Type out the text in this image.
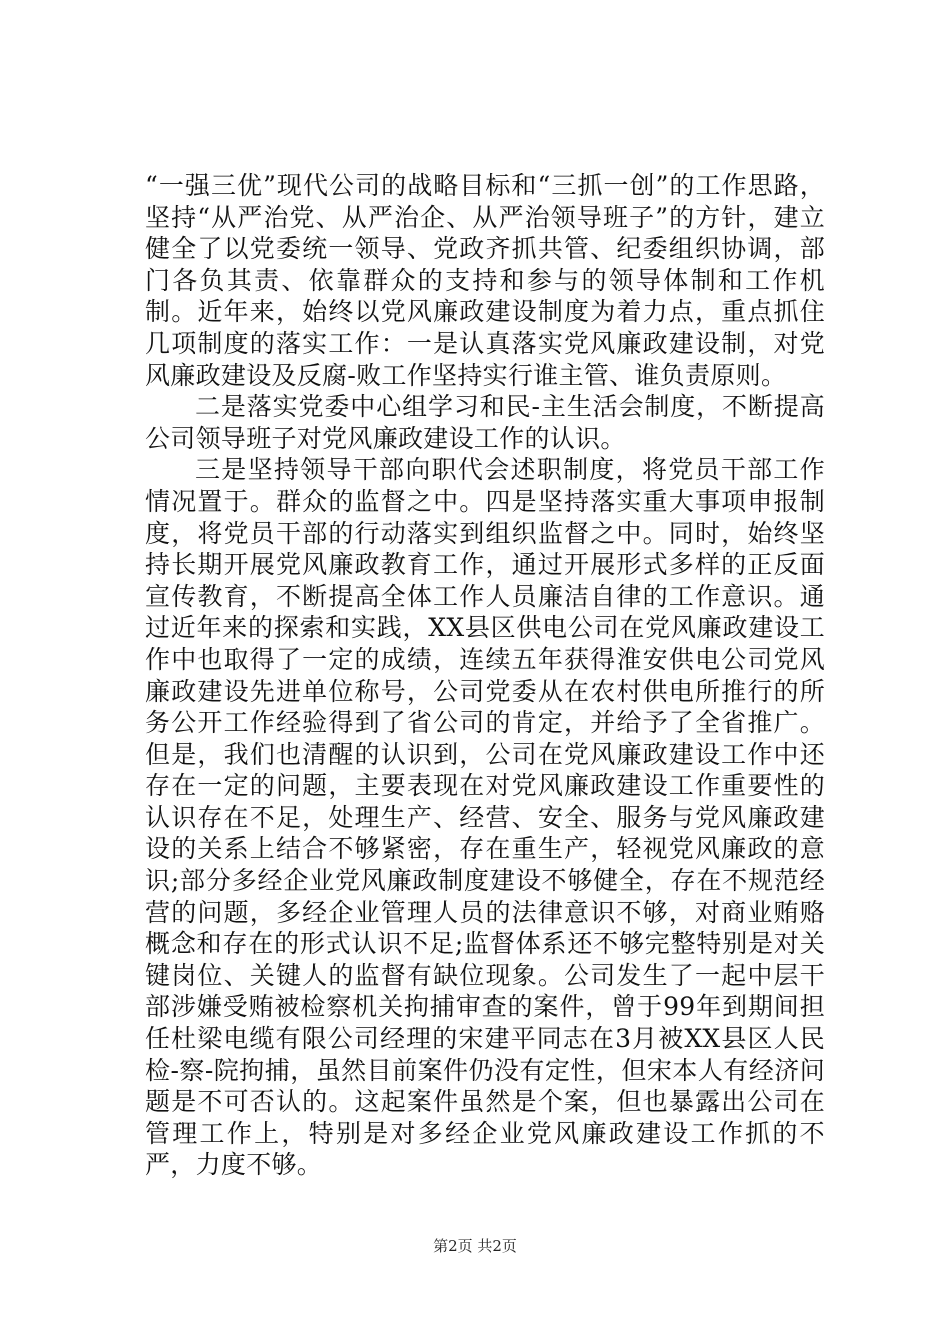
“一强三优”现代公司的战略目标和“三抓一创”的工作思路，坚持“从严治党、从严治企、从严治领导班子”的方针，建立健全了以党委统一领导、党政齐抓共管、纪委组织协调，部门各负其责、依靠群众的支持和参与的领导体制和工作机制。近年来，始终以党风廉政建设制度为着力点，重点抓住几项制度的落实工作：一是认真落实党风廉政建设制，对党风廉政建设及反腐-败工作坚持实行谁主管、谁负责原则。

二是落实党委中心组学习和民-主生活会制度，不断提高公司领导班子对党风廉政建设工作的认识。

三是坚持领导干部向职代会述职制度，将党员干部工作情况置于。群众的监督之中。四是坚持落实重大事项申报制度，将党员干部的行动落实到组织监督之中。同时，始终坚持长期开展党风廉政教育工作，通过开展形式多样的正反面宣传教育，不断提高全体工作人员廉洁自律的工作意识。通过近年来的探索和实践，XX县区供电公司在党风廉政建设工作中也取得了一定的成绩，连续五年获得淮安供电公司党风廉政建设先进单位称号，公司党委从在农村供电所推行的所务公开工作经验得到了省公司的肯定，并给予了全省推广。但是，我们也清醒的认识到，公司在党风廉政建设工作中还存在一定的问题，主要表现在对党风廉政建设工作重要性的认识存在不足，处理生产、经营、安全、服务与党风廉政建设的关系上结合不够紧密，存在重生产，轻视党风廉政的意识;部分多经企业党风廉政制度建设不够健全，存在不规范经营的问题，多经企业管理人员的法律意识不够，对商业贿赂概念和存在的形式认识不足;监督体系还不够完整特别是对关键岗位、关键人的监督有缺位现象。公司发生了一起中层干部涉嫌受贿被检察机关拘捕审查的案件，曾于99年到期间担任杜梁电缆有限公司经理的宋建平同志在3月被XX县区人民检-察-院拘捕，虽然目前案件仍没有定性，但宋本人有经济问题是不可否认的。这起案件虽然是个案，但也暴露出公司在管理工作上，特别是对多经企业党风廉政建设工作抓的不严，力度不够。

第2页 共2页
